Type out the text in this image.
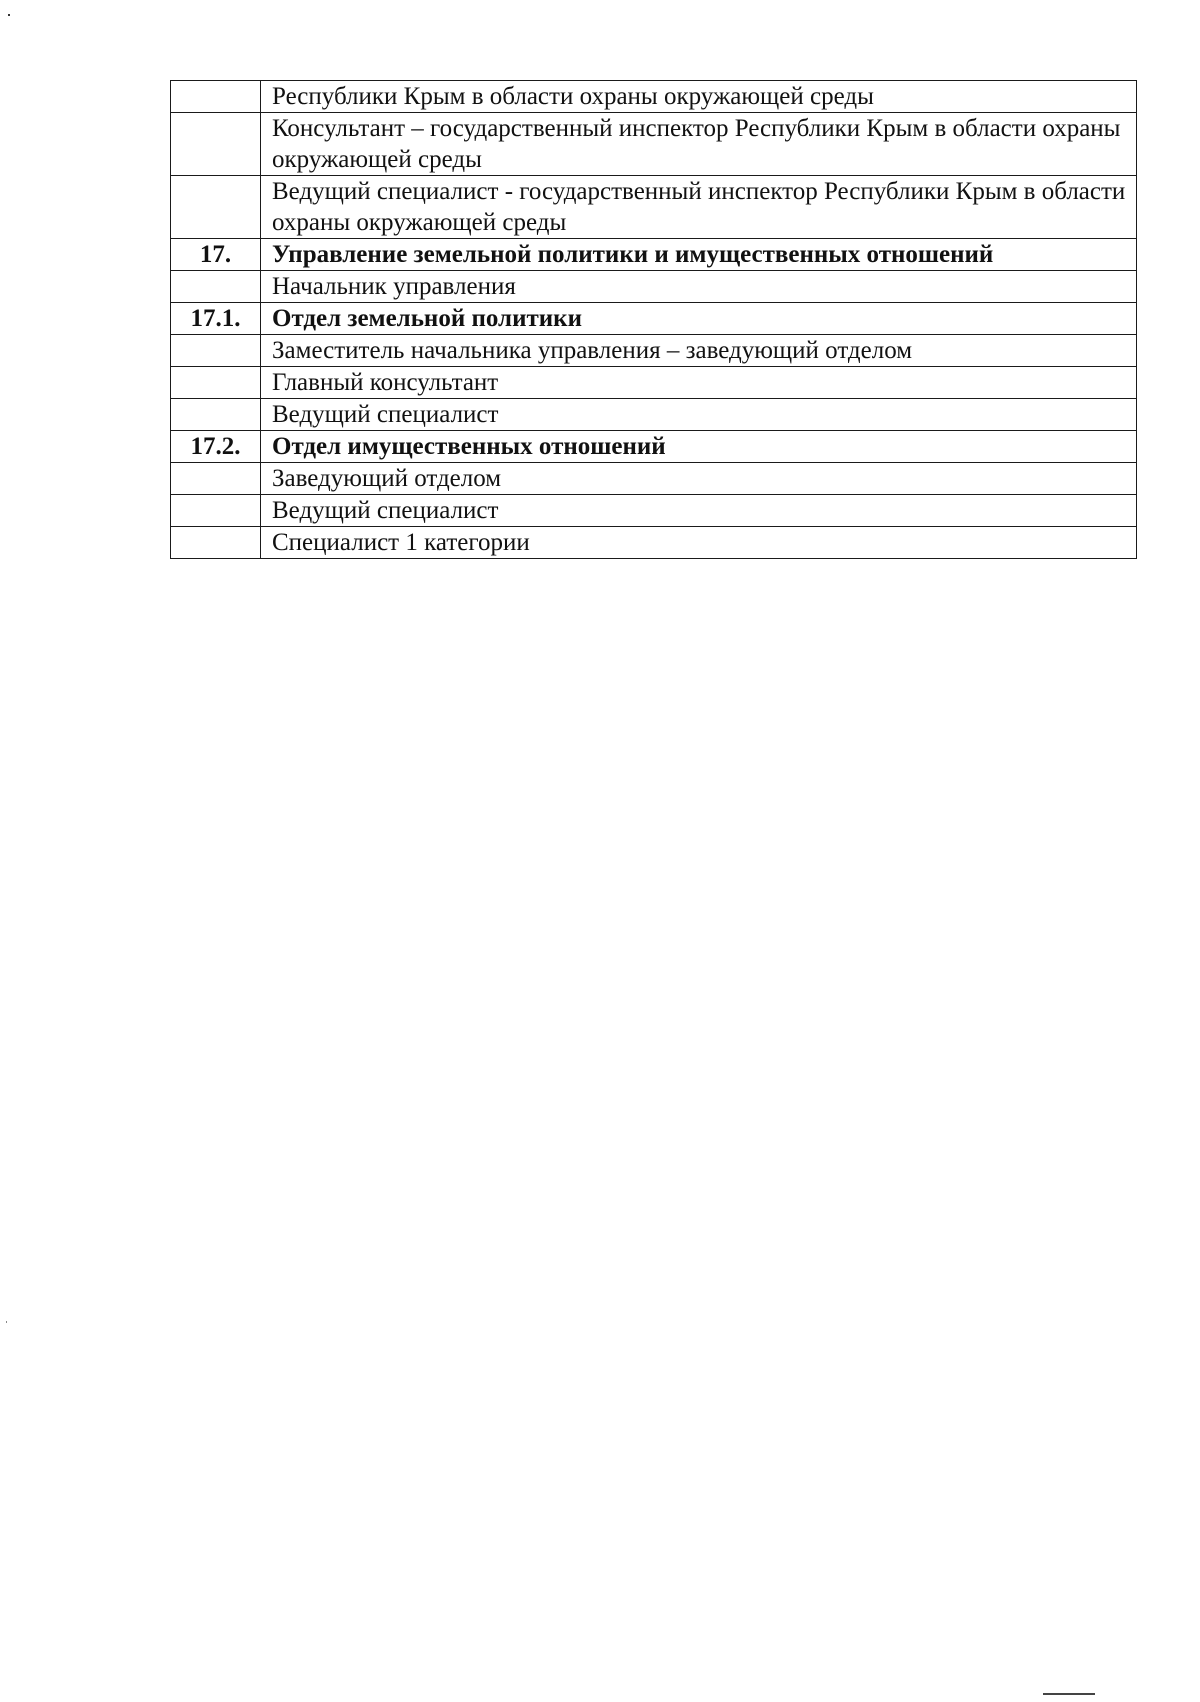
	Республики Крым в области охраны окружающей среды
	Консультант – государственный инспектор Республики Крым в области охраны окружающей среды
	Ведущий специалист - государственный инспектор Республики Крым в области охраны окружающей среды
17.	Управление земельной политики и имущественных отношений
	Начальник управления
17.1.	Отдел земельной политики
	Заместитель начальника управления – заведующий отделом
	Главный консультант
	Ведущий специалист
17.2.	Отдел имущественных отношений
	Заведующий отделом
	Ведущий специалист
	Специалист 1 категории
